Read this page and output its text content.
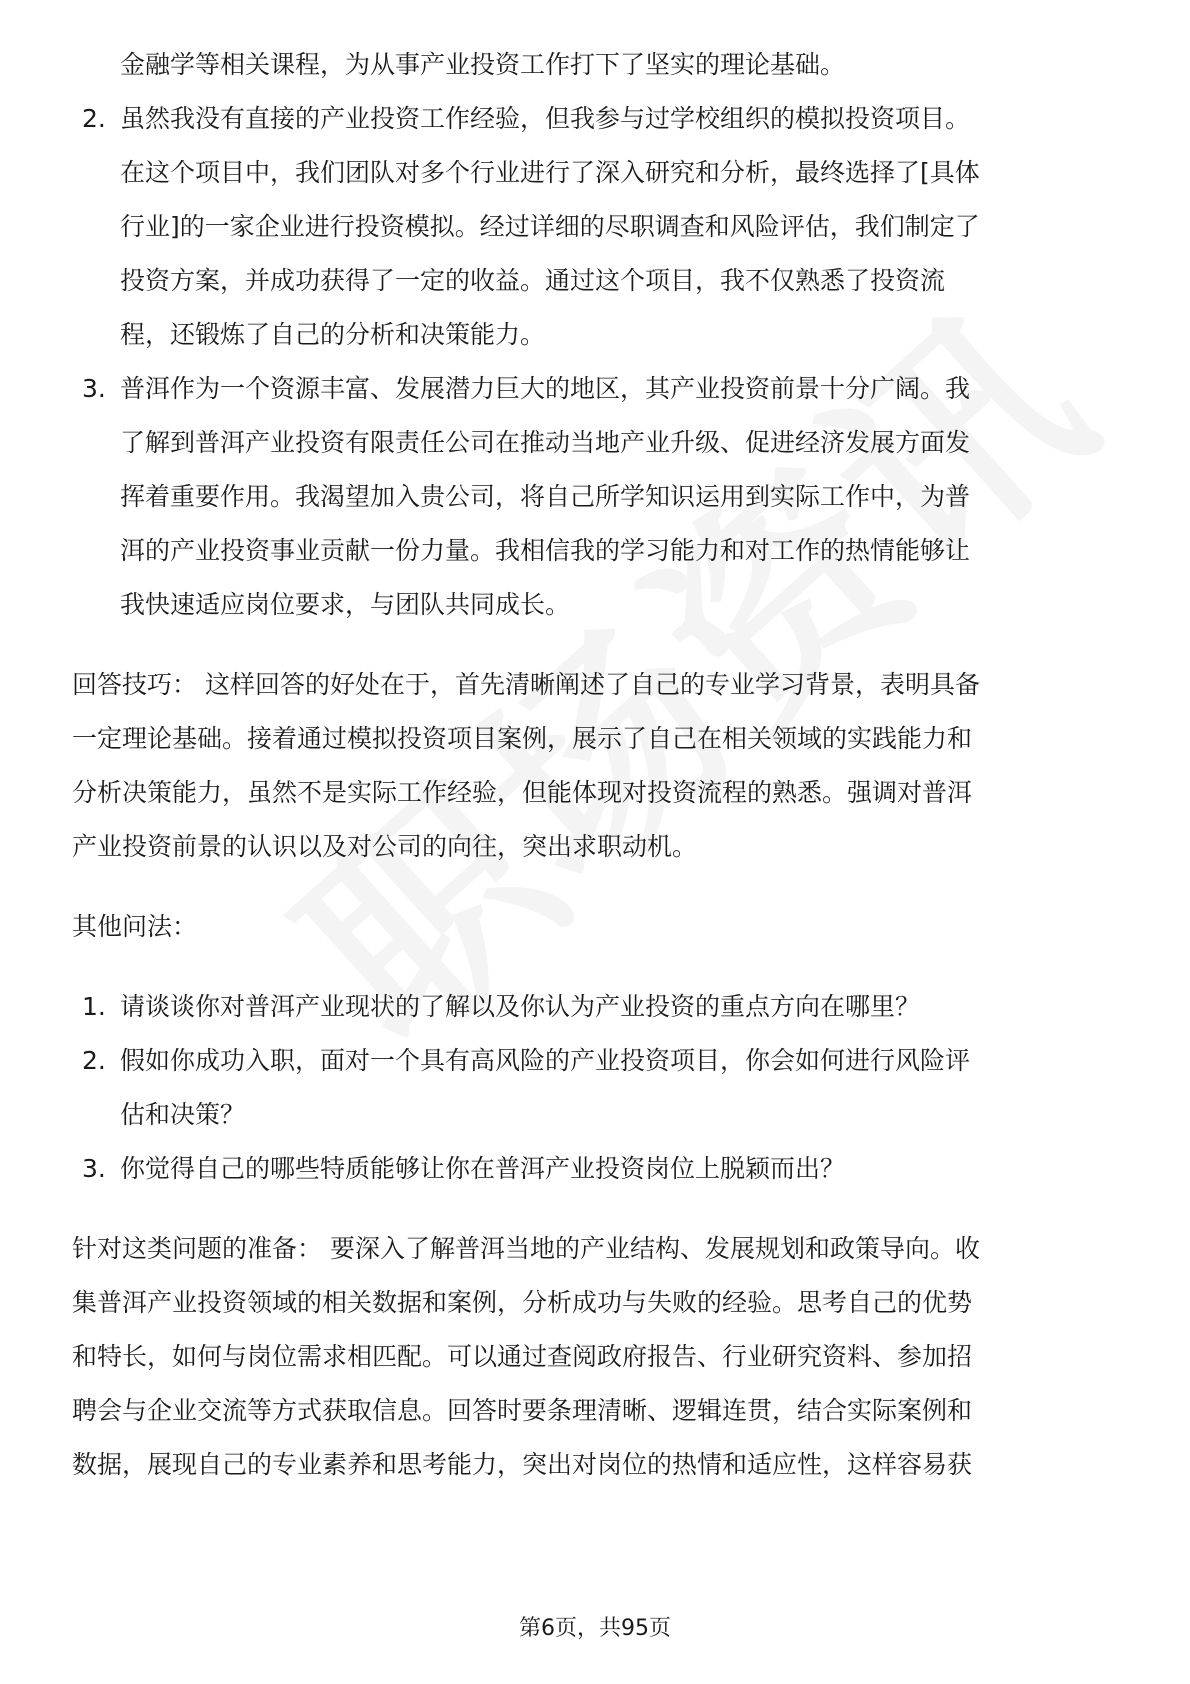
金融学等相关课程，为从事产业投资工作打下了坚实的理论基础。
2. 虽然我没有直接的产业投资工作经验，但我参与过学校组织的模拟投资项目。
在这个项目中，我们团队对多个行业进行了深入研究和分析，最终选择了[具体
行业]的一家企业进行投资模拟。经过详细的尽职调查和风险评估，我们制定了
投资方案，并成功获得了一定的收益。通过这个项目，我不仅熟悉了投资流
程，还锻炼了自己的分析和决策能力。
3. 普洱作为一个资源丰富、发展潜力巨大的地区，其产业投资前景十分广阔。我
了解到普洱产业投资有限责任公司在推动当地产业升级、促进经济发展方面发
挥着重要作用。我渴望加入贵公司，将自己所学知识运用到实际工作中，为普
洱的产业投资事业贡献一份力量。我相信我的学习能力和对工作的热情能够让
我快速适应岗位要求，与团队共同成长。
回答技巧： 这样回答的好处在于，首先清晰阐述了自己的专业学习背景，表明具备
一定理论基础。接着通过模拟投资项目案例，展示了自己在相关领域的实践能力和
分析决策能力，虽然不是实际工作经验，但能体现对投资流程的熟悉。强调对普洱
产业投资前景的认识以及对公司的向往，突出求职动机。
其他问法：
1. 请谈谈你对普洱产业现状的了解以及你认为产业投资的重点方向在哪里？
2. 假如你成功入职，面对一个具有高风险的产业投资项目，你会如何进行风险评
估和决策？
3. 你觉得自己的哪些特质能够让你在普洱产业投资岗位上脱颖而出？
针对这类问题的准备： 要深入了解普洱当地的产业结构、发展规划和政策导向。收
集普洱产业投资领域的相关数据和案例，分析成功与失败的经验。思考自己的优势
和特长，如何与岗位需求相匹配。可以通过查阅政府报告、行业研究资料、参加招
聘会与企业交流等方式获取信息。回答时要条理清晰、逻辑连贯，结合实际案例和
数据，展现自己的专业素养和思考能力，突出对岗位的热情和适应性，这样容易获
第6页，共95页
